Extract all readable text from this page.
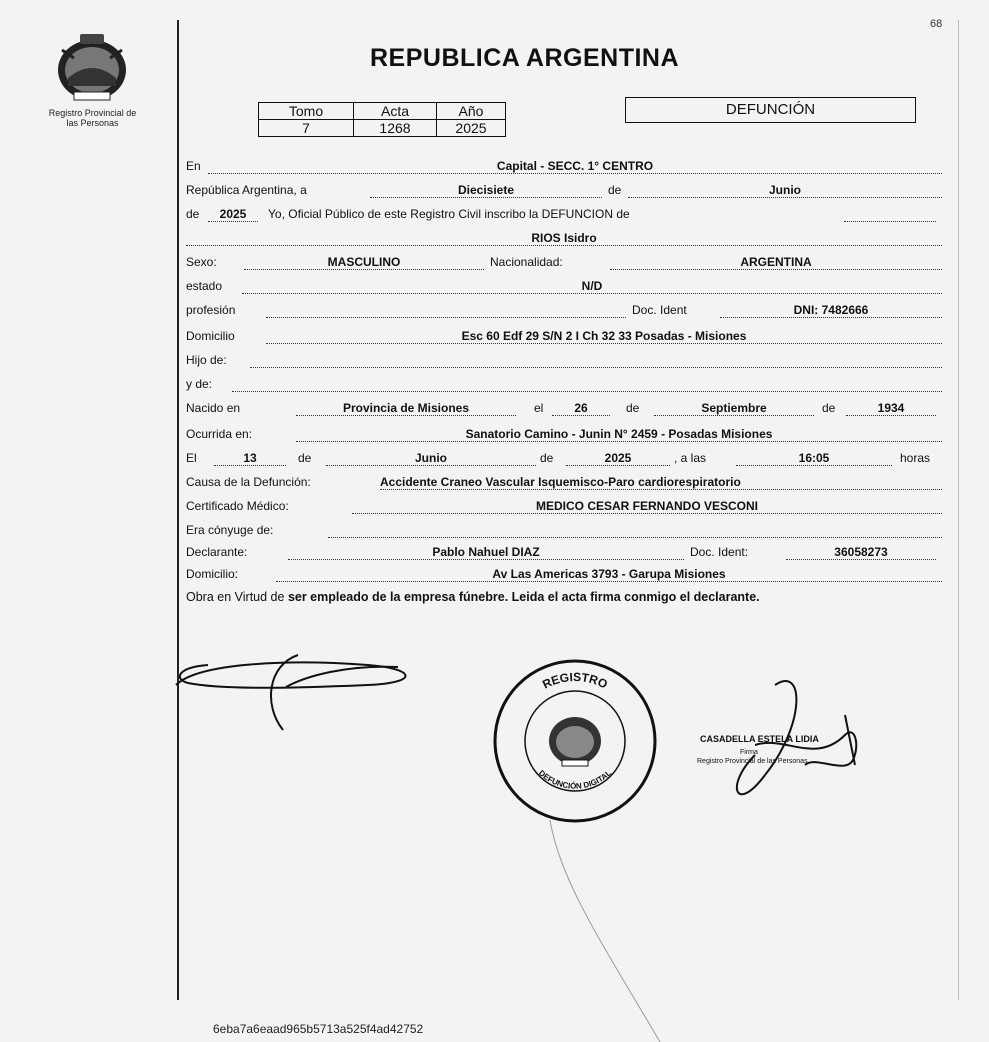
68
Registro Provincial de
las Personas
REPUBLICA ARGENTINA
Tomo	Acta	Año
7	1268	2025
DEFUNCIÓN
En	Capital - SECC. 1° CENTRO
República Argentina, a	Diecisiete	de	Junio
de	2025	Yo, Oficial Público de este Registro Civil inscribo la DEFUNCION de
RIOS Isidro
Sexo:	MASCULINO	Nacionalidad:	ARGENTINA
estado	N/D
profesión	Doc. Ident	DNI: 7482666
Domicilio	Esc 60 Edf 29 S/N 2 I Ch 32 33 Posadas - Misiones
Hijo de:
y de:
Nacido en	Provincia de Misiones	el	26	de	Septiembre	de	1934
Ocurrida en:	Sanatorio Camino - Junin N° 2459 - Posadas Misiones
El	13	de	Junio	de	2025	, a las	16:05	horas
Causa de la Defunción:	Accidente Craneo Vascular Isquemisco-Paro cardiorespiratorio
Certificado Médico:	MEDICO CESAR FERNANDO VESCONI
Era cónyuge de:
Declarante:	Pablo Nahuel DIAZ	Doc. Ident:	36058273
Domicilio:	Av Las Americas 3793 - Garupa Misiones
Obra en Virtud de ser empleado de la empresa fúnebre. Leida el acta firma conmigo el declarante.
REGISTRO
DEFUNCIÓN DIGITAL
CASADELLA ESTELA LIDIA
Firma
Registro Provincial de las Personas
6eba7a6eaad965b5713a525f4ad42752
